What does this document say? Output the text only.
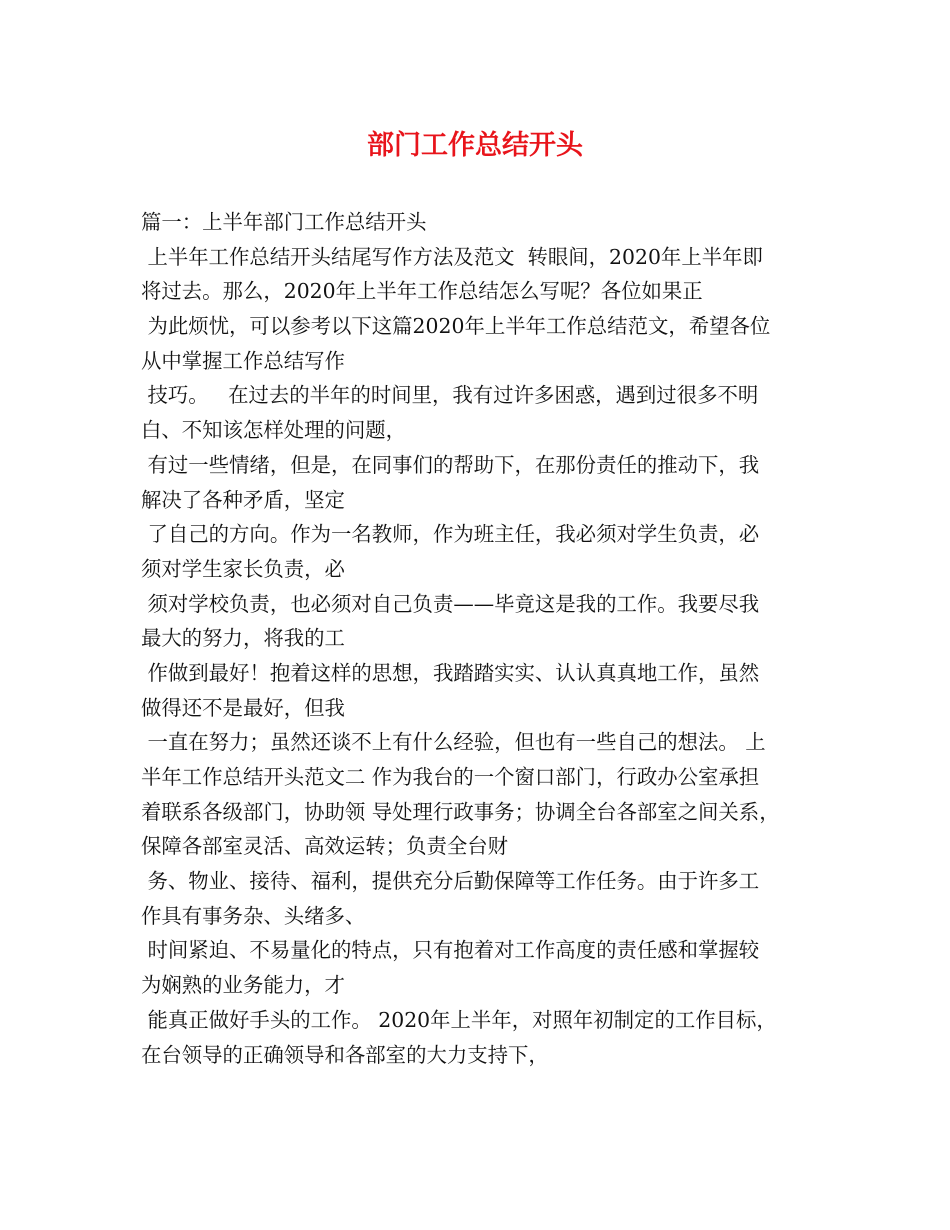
部门工作总结开头
篇一：上半年部门工作总结开头
上半年工作总结开头结尾写作方法及范文  转眼间，2020年上半年即
将过去。那么，2020年上半年工作总结怎么写呢？各位如果正
为此烦忧，可以参考以下这篇2020年上半年工作总结范文，希望各位
从中掌握工作总结写作
技巧。   在过去的半年的时间里，我有过许多困惑，遇到过很多不明
白、不知该怎样处理的问题，
有过一些情绪，但是，在同事们的帮助下，在那份责任的推动下，我
解决了各种矛盾，坚定
了自己的方向。作为一名教师，作为班主任，我必须对学生负责，必
须对学生家长负责，必
须对学校负责，也必须对自己负责——毕竟这是我的工作。我要尽我
最大的努力，将我的工
作做到最好！抱着这样的思想，我踏踏实实、认认真真地工作，虽然
做得还不是最好，但我
一直在努力；虽然还谈不上有什么经验，但也有一些自己的想法。 上
半年工作总结开头范文二 作为我台的一个窗口部门，行政办公室承担
着联系各级部门，协助领 导处理行政事务；协调全台各部室之间关系，
保障各部室灵活、高效运转；负责全台财
务、物业、接待、福利，提供充分后勤保障等工作任务。由于许多工
作具有事务杂、头绪多、
时间紧迫、不易量化的特点，只有抱着对工作高度的责任感和掌握较
为娴熟的业务能力，才
能真正做好手头的工作。 2020年上半年，对照年初制定的工作目标，
在台领导的正确领导和各部室的大力支持下，
